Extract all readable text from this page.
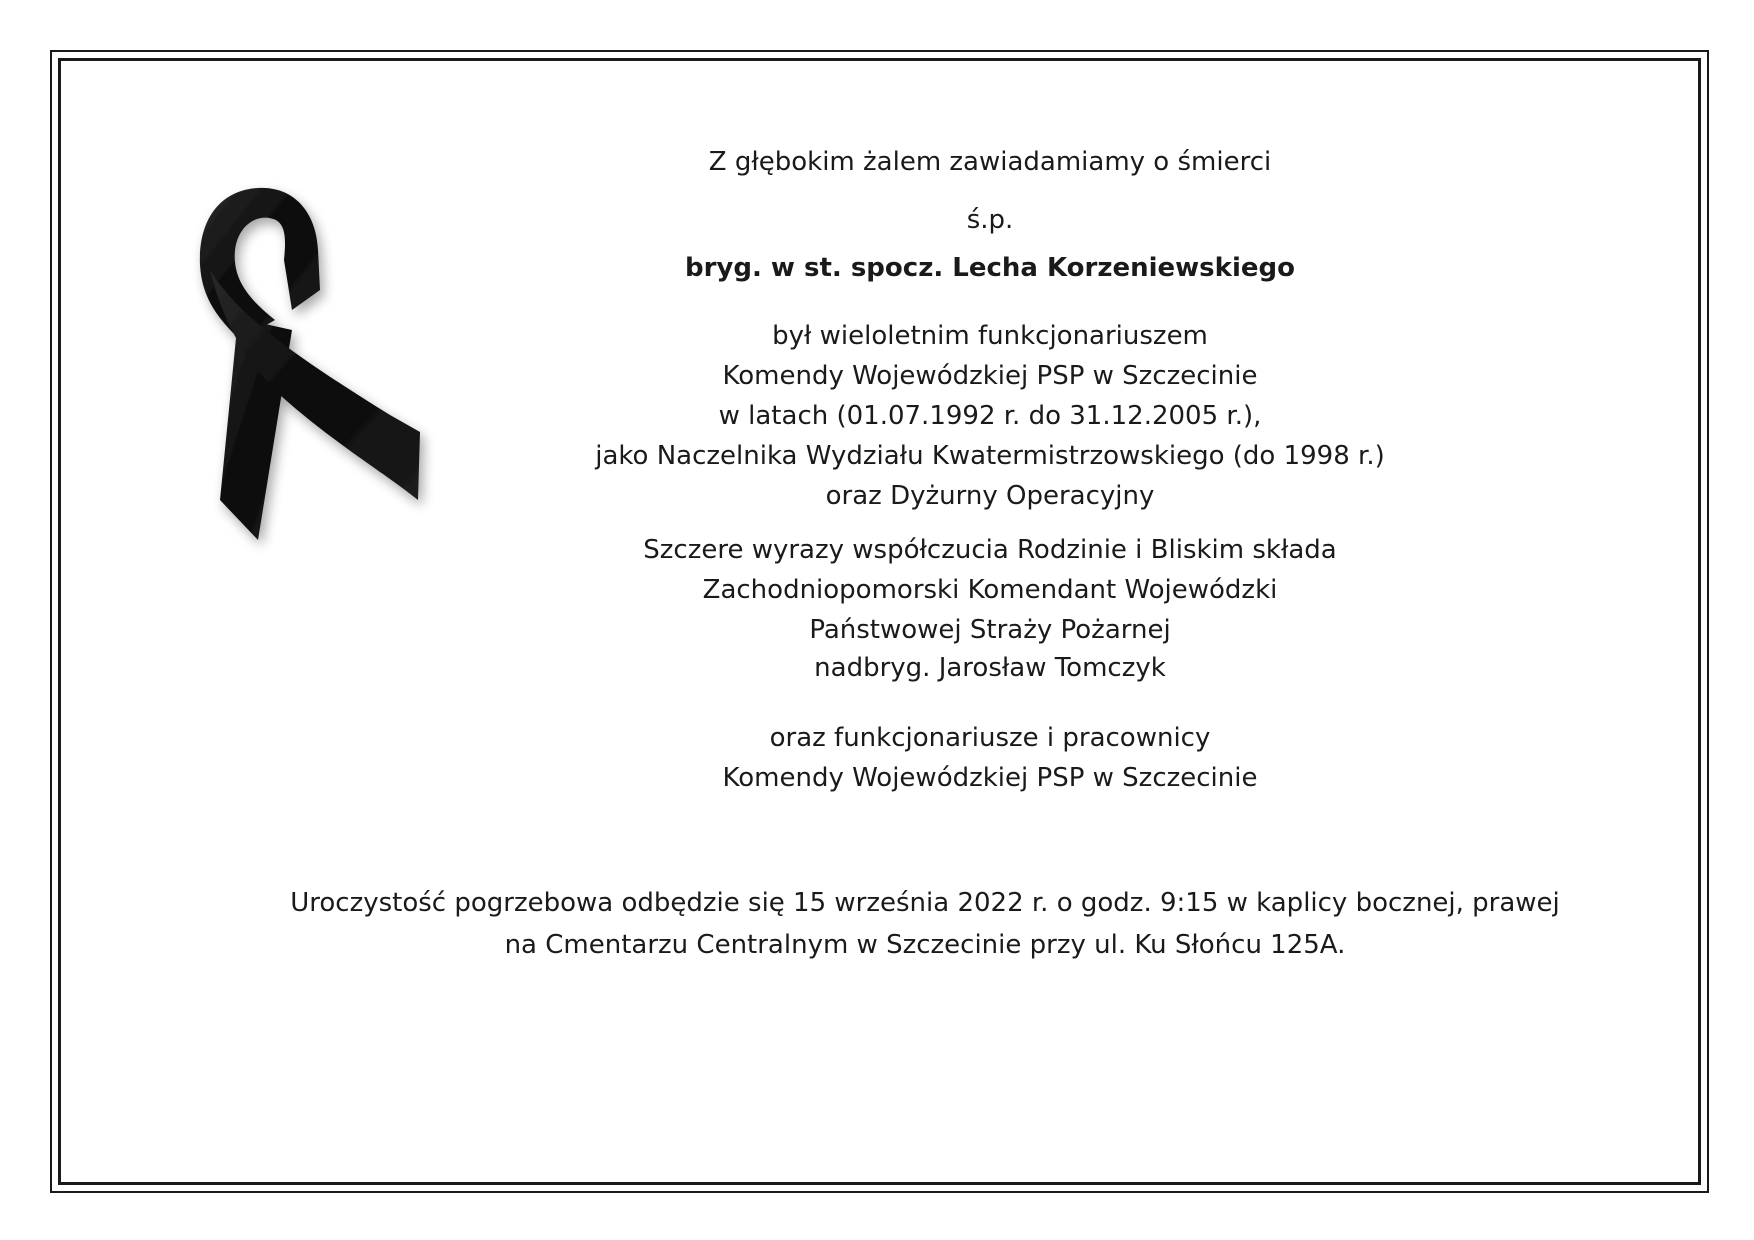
Z głębokim żalem zawiadamiamy o śmierci
ś.p.
bryg. w st. spocz. Lecha Korzeniewskiego
był wieloletnim funkcjonariuszem
Komendy Wojewódzkiej PSP w Szczecinie
w latach (01.07.1992 r. do 31.12.2005 r.),
jako Naczelnika Wydziału Kwatermistrzowskiego (do 1998 r.)
oraz Dyżurny Operacyjny
Szczere wyrazy współczucia Rodzinie i Bliskim składa
Zachodniopomorski Komendant Wojewódzki
Państwowej Straży Pożarnej
nadbryg. Jarosław Tomczyk
oraz funkcjonariusze i pracownicy
Komendy Wojewódzkiej PSP w Szczecinie
Uroczystość pogrzebowa odbędzie się 15 września 2022 r. o godz. 9:15 w kaplicy bocznej, prawej
na Cmentarzu Centralnym w Szczecinie przy ul. Ku Słońcu 125A.
